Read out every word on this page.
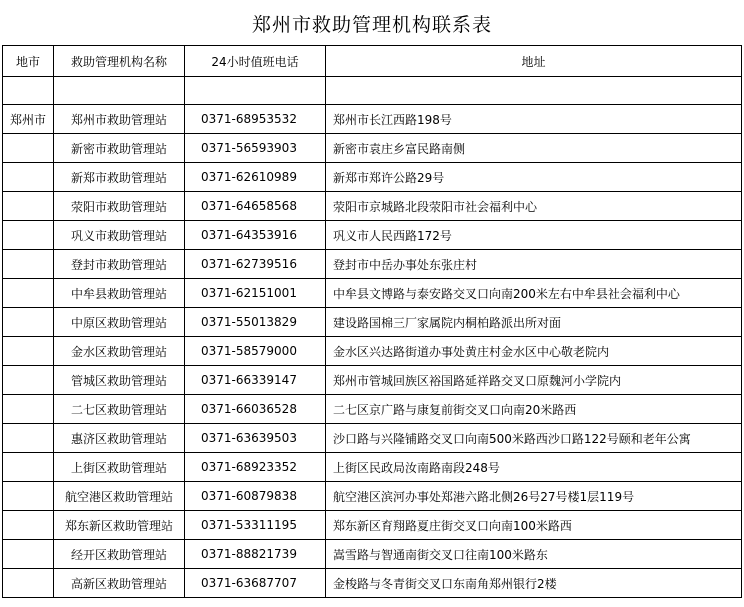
郑州市救助管理机构联系表
地市	救助管理机构名称	24小时值班电话	地址

郑州市	郑州市救助管理站	0371-68953532	郑州市长江西路198号
	新密市救助管理站	0371-56593903	新密市袁庄乡富民路南侧
	新郑市救助管理站	0371-62610989	新郑市郑许公路29号
	荥阳市救助管理站	0371-64658568	荥阳市京城路北段荥阳市社会福利中心
	巩义市救助管理站	0371-64353916	巩义市人民西路172号
	登封市救助管理站	0371-62739516	登封市中岳办事处东张庄村
	中牟县救助管理站	0371-62151001	中牟县文博路与泰安路交叉口向南200米左右中牟县社会福利中心
	中原区救助管理站	0371-55013829	建设路国棉三厂家属院内桐柏路派出所对面
	金水区救助管理站	0371-58579000	金水区兴达路街道办事处黄庄村金水区中心敬老院内
	管城区救助管理站	0371-66339147	郑州市管城回族区裕国路延祥路交叉口原魏河小学院内
	二七区救助管理站	0371-66036528	二七区京广路与康复前街交叉口向南20米路西
	惠济区救助管理站	0371-63639503	沙口路与兴隆铺路交叉口向南500米路西沙口路122号颐和老年公寓
	上街区救助管理站	0371-68923352	上街区民政局汝南路南段248号
	航空港区救助管理站	0371-60879838	航空港区滨河办事处郑港六路北侧26号27号楼1层119号
	郑东新区救助管理站	0371-53311195	郑东新区育翔路夏庄街交叉口向南100米路西
	经开区救助管理站	0371-88821739	嵩雪路与智通南街交叉口往南100米路东
	高新区救助管理站	0371-63687707	金梭路与冬青街交叉口东南角郑州银行2楼
